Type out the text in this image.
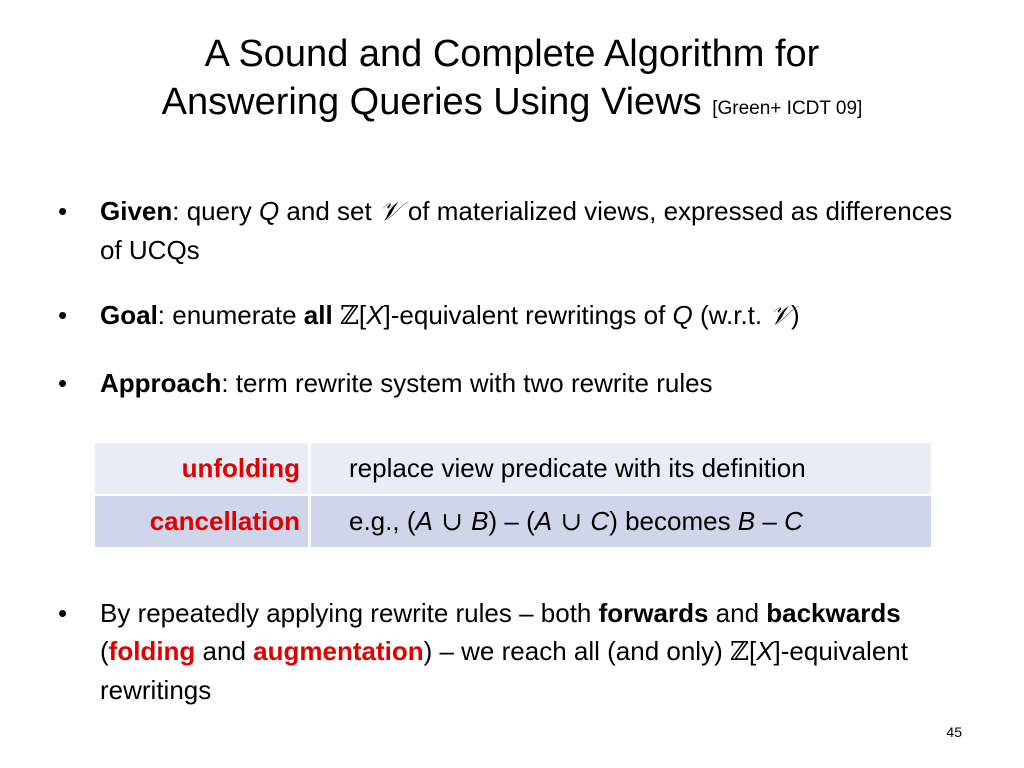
A Sound and Complete Algorithm for
Answering Queries Using Views [Green+ ICDT 09]
• Given: query Q and set 𝒱 of materialized views, expressed as differences of UCQs
• Goal: enumerate all ℤ[X]-equivalent rewritings of Q (w.r.t. 𝒱)
• Approach: term rewrite system with two rewrite rules
• By repeatedly applying rewrite rules – both forwards and backwards (folding and augmentation) – we reach all (and only) ℤ[X]-equivalent rewritings
unfolding	replace view predicate with its definition
cancellation	e.g., (A ∪ B) – (A ∪ C) becomes B – C
45
